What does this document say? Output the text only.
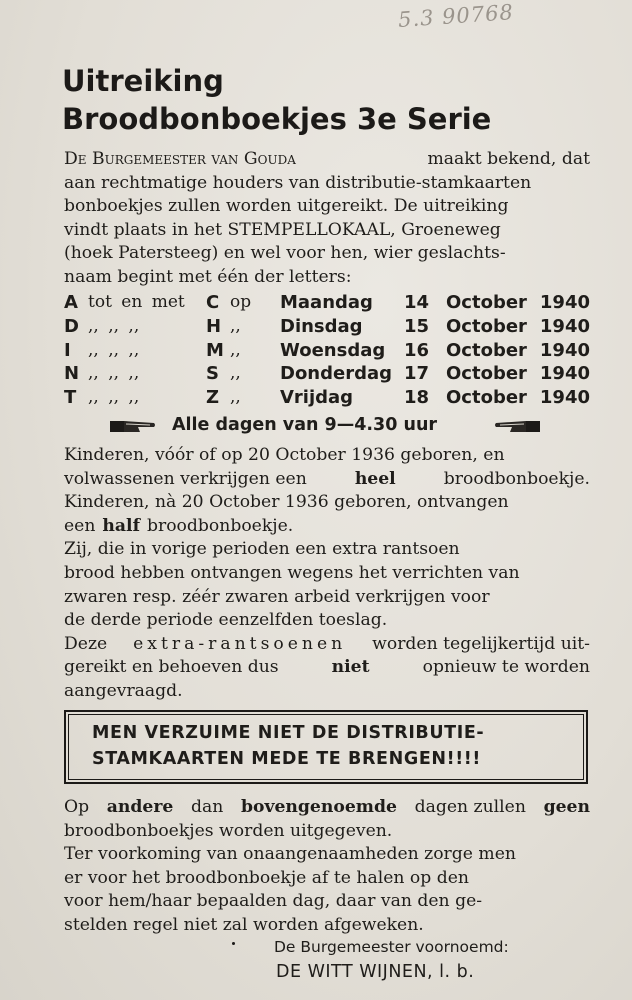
5.3 90768
Uitreiking
Broodbonboekjes 3e Serie
De Burgemeester van Gouda	maakt bekend, dat
aan rechtmatige houders van distributie-stamkaarten
bonboekjes zullen worden uitgereikt. De uitreiking
vindt plaats in het STEMPELLOKAAL, Groeneweg
(hoek Patersteeg) en wel voor hen, wier geslachts-
naam begint met één der letters:
A tot en met C op Maandag 14 October 1940
D ,, ,, ,,	H ,, Dinsdag 15 October 1940
I ,, ,, ,,	M ,, Woensdag 16 October 1940
N ,, ,, ,,	S ,, Donderdag 17 October 1940
T ,, ,, ,,	Z ,, Vrijdag	18 October 1940
Alle dagen van 9—4.30 uur
Kinderen, vóór of op 20 October 1936 geboren, en
volwassenen verkrijgen een	heel	broodbonboekje.
Kinderen, nà 20 October 1936 geboren, ontvangen
een half broodbonboekje.
Zij, die in vorige perioden een extra rantsoen
brood hebben ontvangen wegens het verrichten van
zwaren resp. zéér zwaren arbeid verkrijgen voor
de derde periode eenzelfden toeslag.
Deze extra-rantsoenen worden tegelijkertijd uit-
gereikt en behoeven dus	niet	opnieuw te worden
aangevraagd.
MEN VERZUIME NIET DE DISTRIBUTIE-
STAMKAARTEN MEDE TE BRENGEN!!!!
Op andere dan bovengenoemde dagen zullen geen
broodbonboekjes worden uitgegeven.
Ter voorkoming van onaangenaamheden zorge men
er voor het broodbonboekje af te halen op den
voor hem/haar bepaalden dag, daar van den ge-
stelden regel niet zal worden afgeweken.
De Burgemeester voornoemd:
DE WITT WIJNEN, l. b.
